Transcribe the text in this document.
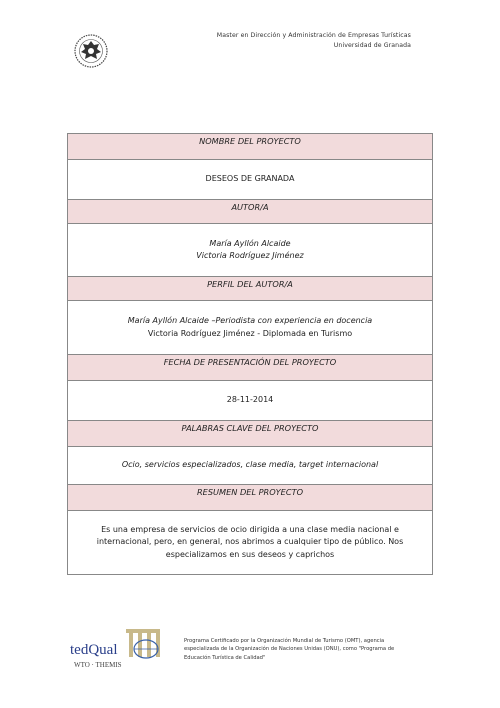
Master en Dirección y Administración de Empresas Turísticas
Universidad de Granada
NOMBRE DEL PROYECTO
DESEOS DE GRANADA
AUTOR/A
María Ayllón Alcaide
Victoria Rodríguez Jiménez
PERFIL DEL AUTOR/A
María Ayllón Alcaide –Periodista con experiencia en docencia
Victoria Rodríguez Jiménez - Diplomada en Turismo
FECHA DE PRESENTACIÓN DEL PROYECTO
28-11-2014
PALABRAS CLAVE DEL PROYECTO
Ocio, servicios especializados, clase media, target internacional
RESUMEN DEL PROYECTO
Es una empresa de servicios de ocio dirigida a una clase media nacional e internacional, pero, en general, nos abrimos a cualquier tipo de público. Nos especializamos en sus deseos y caprichos
tedQual
WTO · THEMIS
Programa Certificado por la Organización Mundial de Turismo (OMT), agencia especializada de la Organización de Naciones Unidas (ONU), como "Programa de Educación Turística de Calidad"
